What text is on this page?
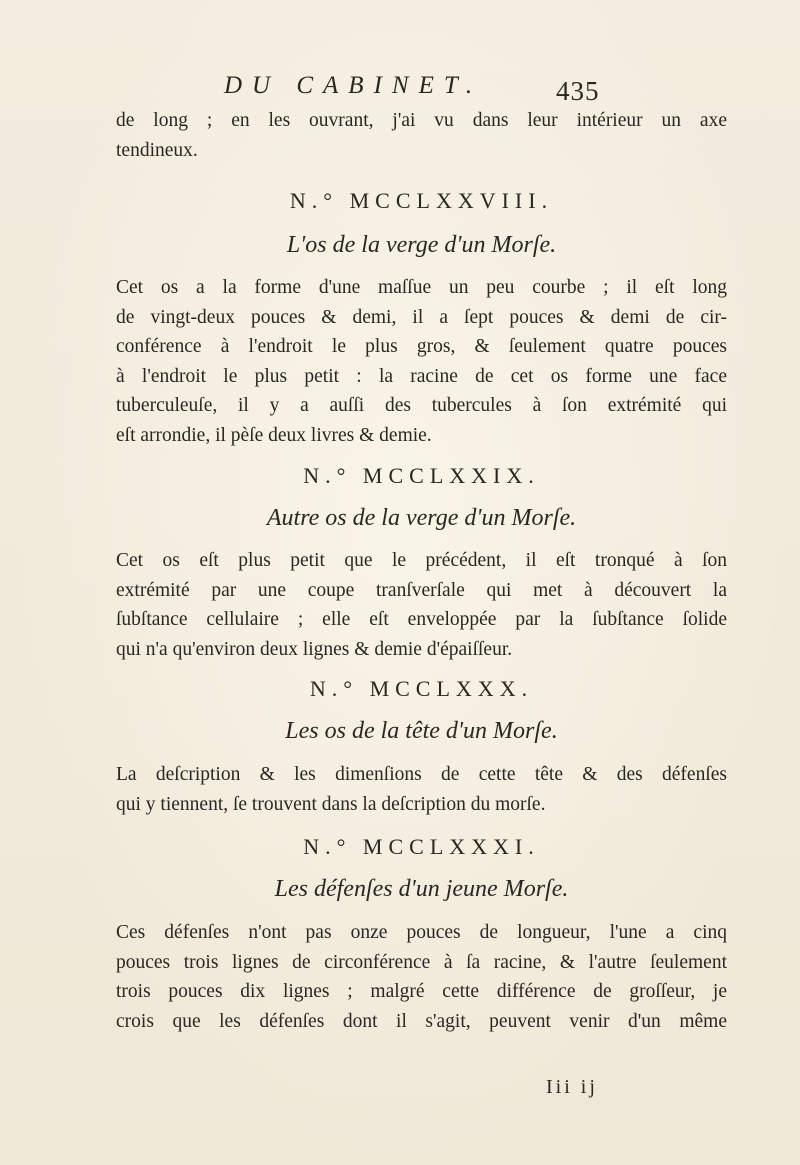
DU CABINET.	435
de long ; en les ouvrant, j'ai vu dans leur intérieur un axe
tendineux.
N.° MCCLXXVIII.
L'os de la verge d'un Morſe.
Cet os a la forme d'une maſſue un peu courbe ; il eſt long
de vingt-deux pouces & demi, il a ſept pouces & demi de cir-
conférence à l'endroit le plus gros, & ſeulement quatre pouces
à l'endroit le plus petit : la racine de cet os forme une face
tuberculeuſe, il y a auſſi des tubercules à ſon extrémité qui
eſt arrondie, il pèſe deux livres & demie.
N.° MCCLXXIX.
Autre os de la verge d'un Morſe.
Cet os eſt plus petit que le précédent, il eſt tronqué à ſon
extrémité par une coupe tranſverſale qui met à découvert la
ſubſtance cellulaire ; elle eſt enveloppée par la ſubſtance ſolide
qui n'a qu'environ deux lignes & demie d'épaiſſeur.
N.° MCCLXXX.
Les os de la tête d'un Morſe.
La deſcription & les dimenſions de cette tête & des défenſes
qui y tiennent, ſe trouvent dans la deſcription du morſe.
N.° MCCLXXXI.
Les défenſes d'un jeune Morſe.
Ces défenſes n'ont pas onze pouces de longueur, l'une a cinq
pouces trois lignes de circonférence à ſa racine, & l'autre ſeulement
trois pouces dix lignes ; malgré cette différence de groſſeur, je
crois que les défenſes dont il s'agit, peuvent venir d'un même
Iii ij
